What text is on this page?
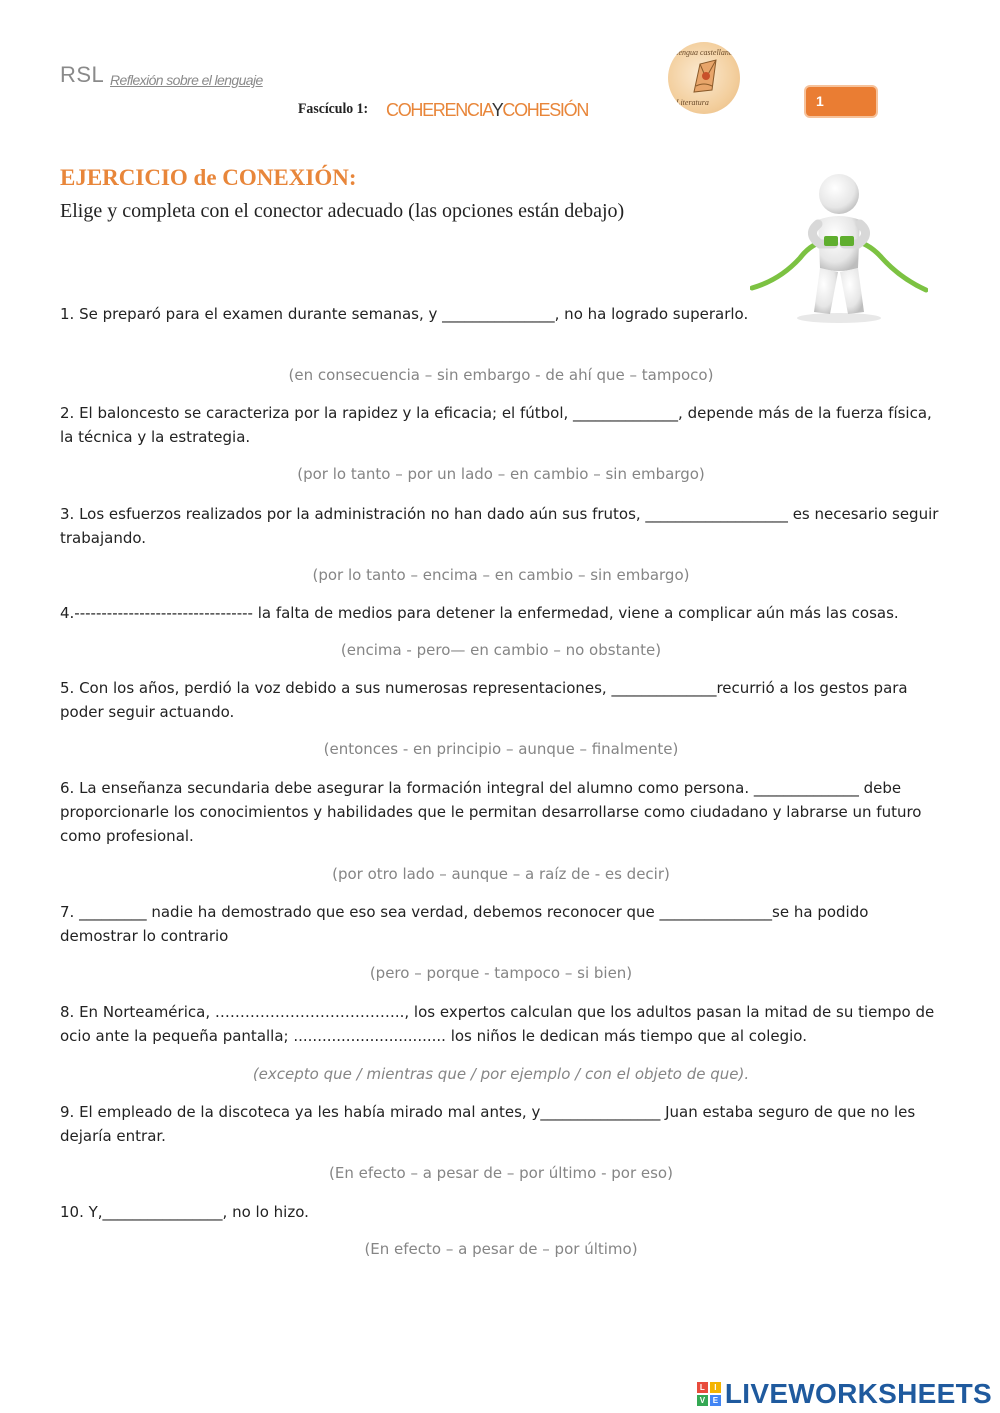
RSL Reflexión sobre el lenguaje
Fascículo 1: COHERENCIAYCOHESIÓN
Lengua castellana
Literatura	1
EJERCICIO de CONEXIÓN:
Elige y completa con el conector adecuado (las opciones están debajo)
1. Se preparó para el examen durante semanas, y _______________, no ha logrado superarlo.
(en consecuencia – sin embargo - de ahí que – tampoco)
2. El baloncesto se caracteriza por la rapidez y la eficacia; el fútbol, ______________, depende más de la fuerza física, la técnica y la estrategia.
(por lo tanto – por un lado – en cambio – sin embargo)
3. Los esfuerzos realizados por la administración no han dado aún sus frutos, ___________________ es necesario seguir trabajando.
(por lo tanto – encima – en cambio – sin embargo)
4.--------------------------------- la falta de medios para detener la enfermedad, viene a complicar aún más las cosas.
(encima - pero— en cambio – no obstante)
5. Con los años, perdió la voz debido a sus numerosas representaciones, ______________recurrió a los gestos para poder seguir actuando.
(entonces - en principio – aunque – finalmente)
6. La enseñanza secundaria debe asegurar la formación integral del alumno como persona. ______________ debe proporcionarle los conocimientos y habilidades que le permitan desarrollarse como ciudadano y labrarse un futuro como profesional.
(por otro lado – aunque – a raíz de - es decir)
7. _________ nadie ha demostrado que eso sea verdad, debemos reconocer que _______________se ha podido demostrar lo contrario
(pero – porque - tampoco – si bien)
8. En Norteamérica, ……………………………….., los expertos calculan que los adultos pasan la mitad de su tiempo de ocio ante la pequeña pantalla; ................................ los niños le dedican más tiempo que al colegio.
(excepto que / mientras que / por ejemplo / con el objeto de que).
9. El empleado de la discoteca ya les había mirado mal antes, y________________ Juan estaba seguro de que no les dejaría entrar.
(En efecto – a pesar de – por último - por eso)
10. Y,________________, no lo hizo.
(En efecto – a pesar de – por último)
L	I
V E LIVEWORKSHEETS
